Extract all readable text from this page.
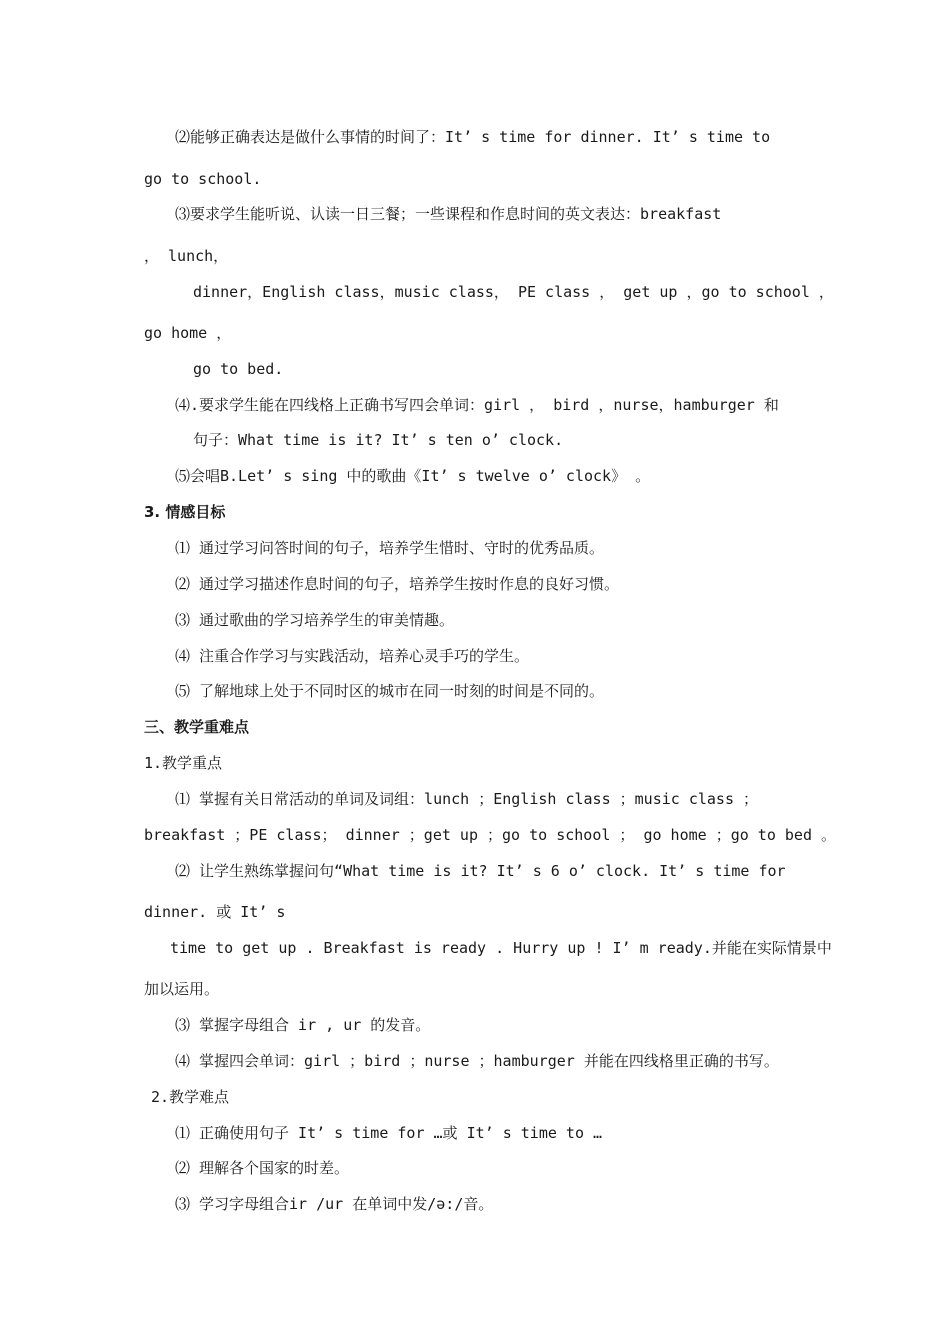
⑵能够正确表达是做什么事情的时间了：It’ s time for dinner. It’ s time to
go to school.
⑶要求学生能听说、认读一日三餐；一些课程和作息时间的英文表达：breakfast
， lunch，
dinner，English class，music class， PE class ， get up ，go to school ，
go home ，
go to bed.
⑷.要求学生能在四线格上正确书写四会单词：girl ， bird ，nurse，hamburger 和
句子：What time is it? It’ s ten o’ clock.
⑸会唱B.Let’ s sing 中的歌曲《It’ s twelve o’ clock》 。
3. 情感目标
⑴ 通过学习问答时间的句子，培养学生惜时、守时的优秀品质。
⑵ 通过学习描述作息时间的句子，培养学生按时作息的良好习惯。
⑶ 通过歌曲的学习培养学生的审美情趣。
⑷ 注重合作学习与实践活动，培养心灵手巧的学生。
⑸ 了解地球上处于不同时区的城市在同一时刻的时间是不同的。
三、教学重难点
1.教学重点
⑴ 掌握有关日常活动的单词及词组：lunch ；English class ；music class ；
breakfast ；PE class； dinner ；get up ；go to school ； go home ；go to bed 。
⑵ 让学生熟练掌握问句“What time is it? It’ s 6 o’ clock. It’ s time for
dinner. 或 It’ s
time to get up . Breakfast is ready . Hurry up ! I’ m ready.并能在实际情景中
加以运用。
⑶ 掌握字母组合 ir , ur 的发音。
⑷ 掌握四会单词：girl ；bird ；nurse ；hamburger 并能在四线格里正确的书写。
2.教学难点
⑴ 正确使用句子 It’ s time for …或 It’ s time to …
⑵ 理解各个国家的时差。
⑶ 学习字母组合ir /ur 在单词中发/ə:/音。
